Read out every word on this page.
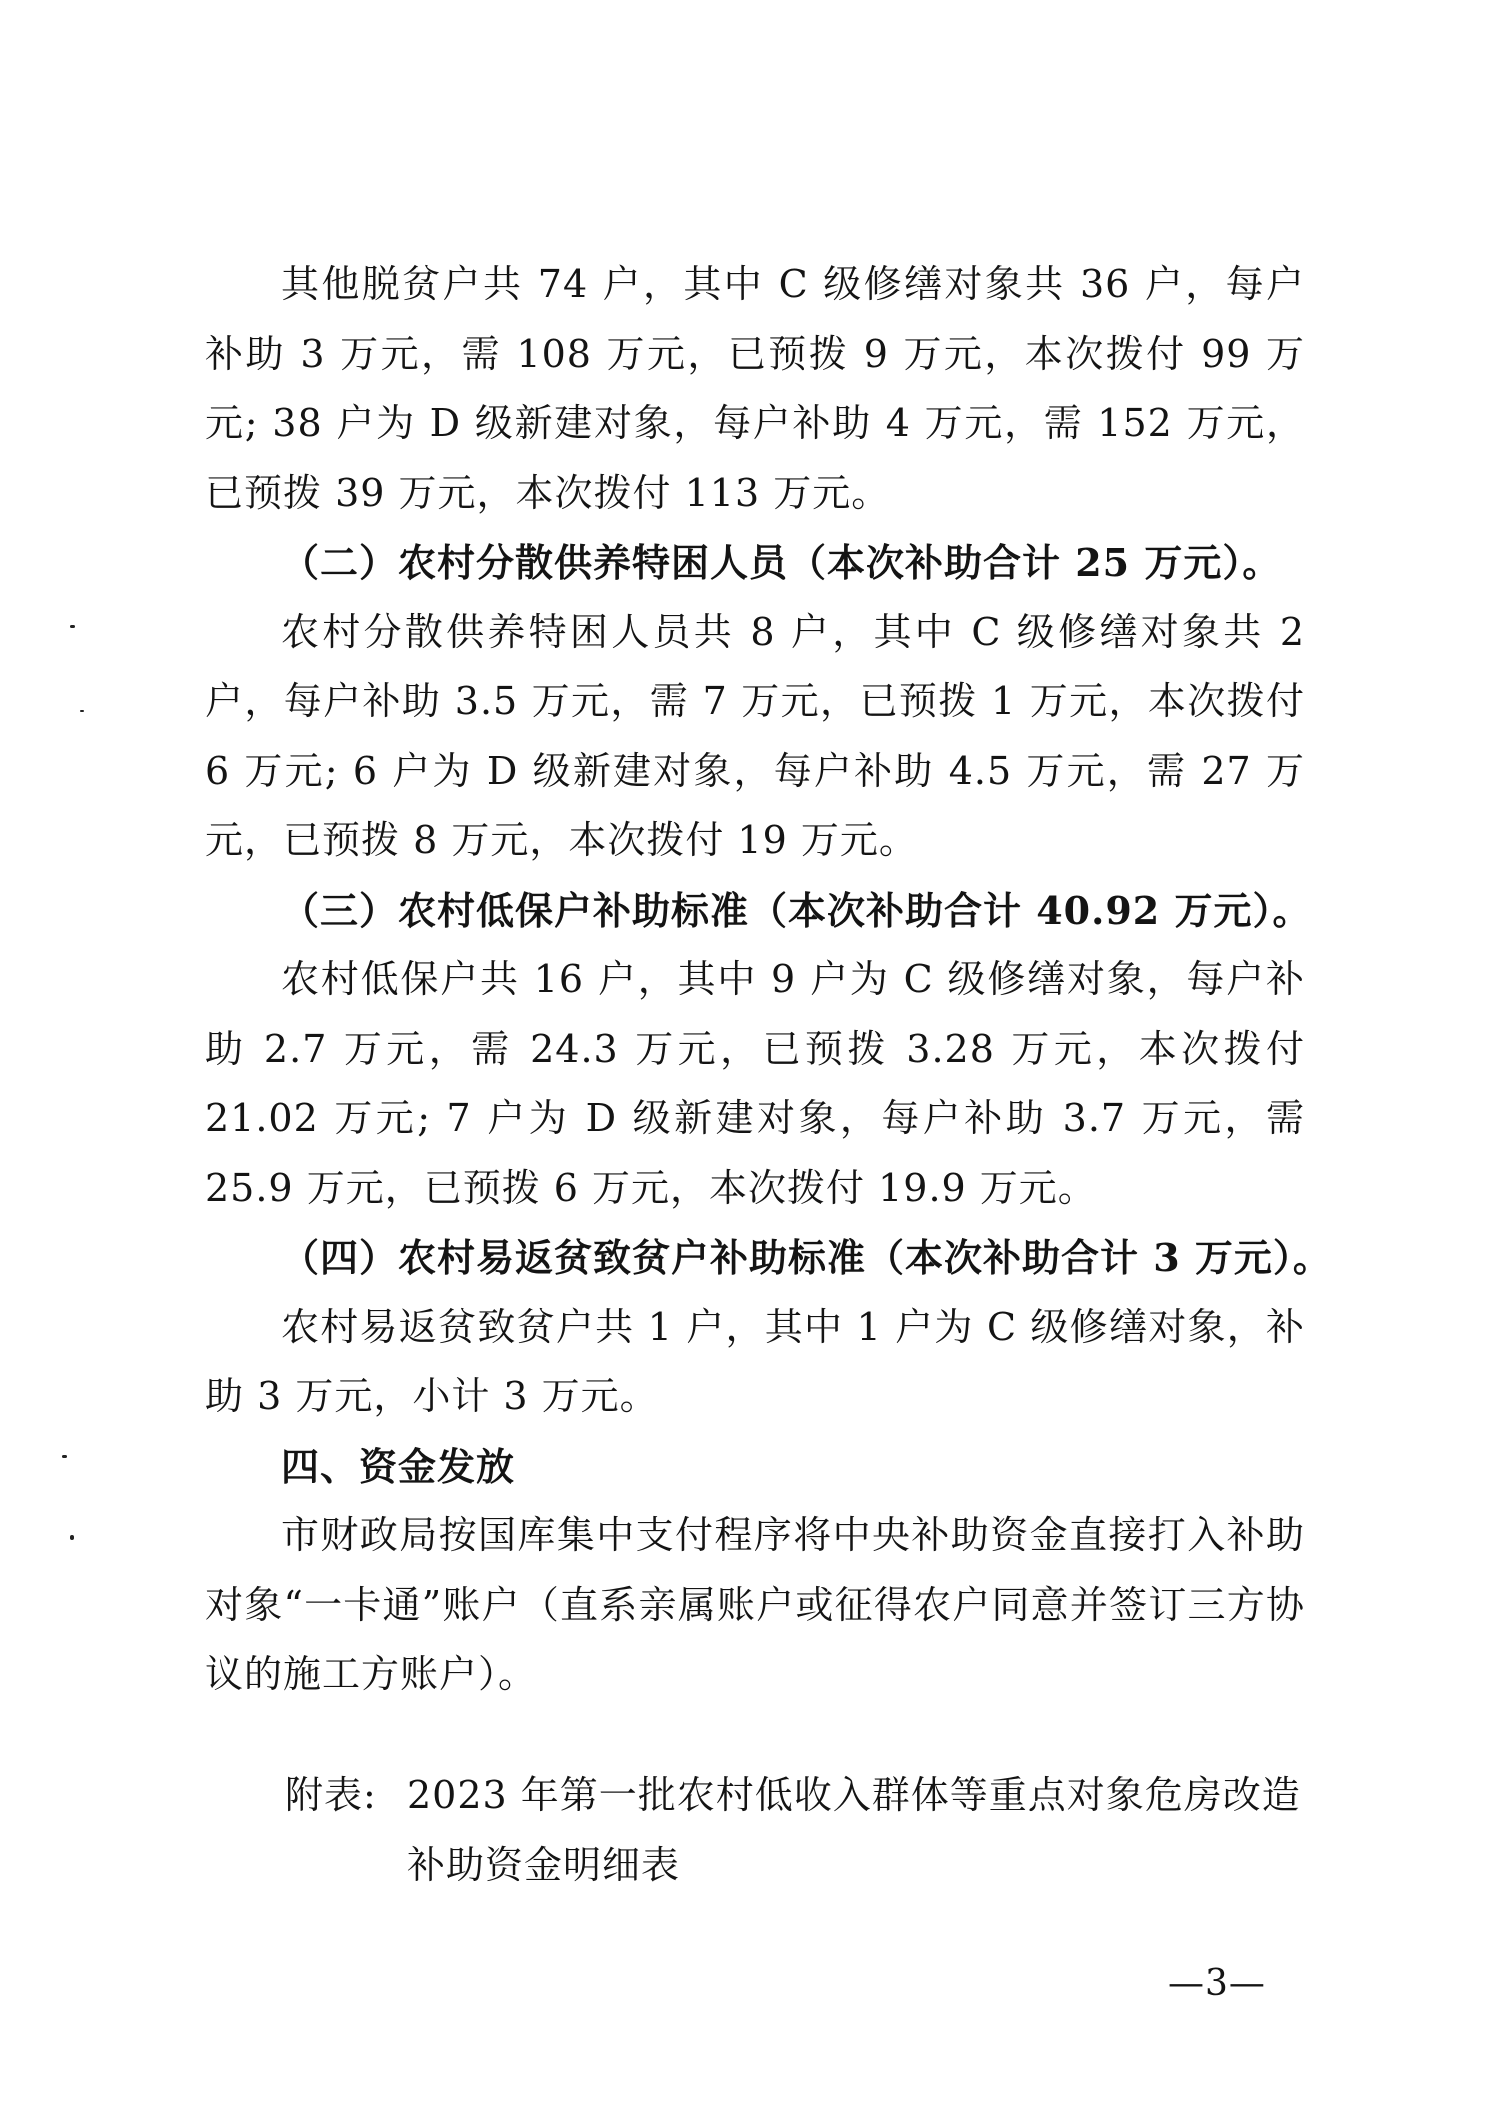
其他脱贫户共 74 户，其中 C 级修缮对象共 36 户，每户补助 3 万元，需 108 万元，已预拨 9 万元，本次拨付 99 万元; 38 户为 D 级新建对象，每户补助 4 万元，需 152 万元，已预拨 39 万元，本次拨付 113 万元。

（二）农村分散供养特困人员（本次补助合计 25 万元）。

农村分散供养特困人员共 8 户，其中 C 级修缮对象共 2 户，每户补助 3.5 万元，需 7 万元，已预拨 1 万元，本次拨付 6 万元; 6 户为 D 级新建对象，每户补助 4.5 万元，需 27 万元，已预拨 8 万元，本次拨付 19 万元。

（三）农村低保户补助标准（本次补助合计 40.92 万元）。

农村低保户共 16 户，其中 9 户为 C 级修缮对象，每户补助 2.7 万元，需 24.3 万元，已预拨 3.28 万元，本次拨付 21.02 万元; 7 户为 D 级新建对象，每户补助 3.7 万元，需 25.9 万元，已预拨 6 万元，本次拨付 19.9 万元。

（四）农村易返贫致贫户补助标准（本次补助合计 3 万元）。

农村易返贫致贫户共 1 户，其中 1 户为 C 级修缮对象，补助 3 万元，小计 3 万元。

四、资金发放

市财政局按国库集中支付程序将中央补助资金直接打入补助对象“一卡通”账户（直系亲属账户或征得农户同意并签订三方协议的施工方账户）。

附表: 2023 年第一批农村低收入群体等重点对象危房改造补助资金明细表
—3—
